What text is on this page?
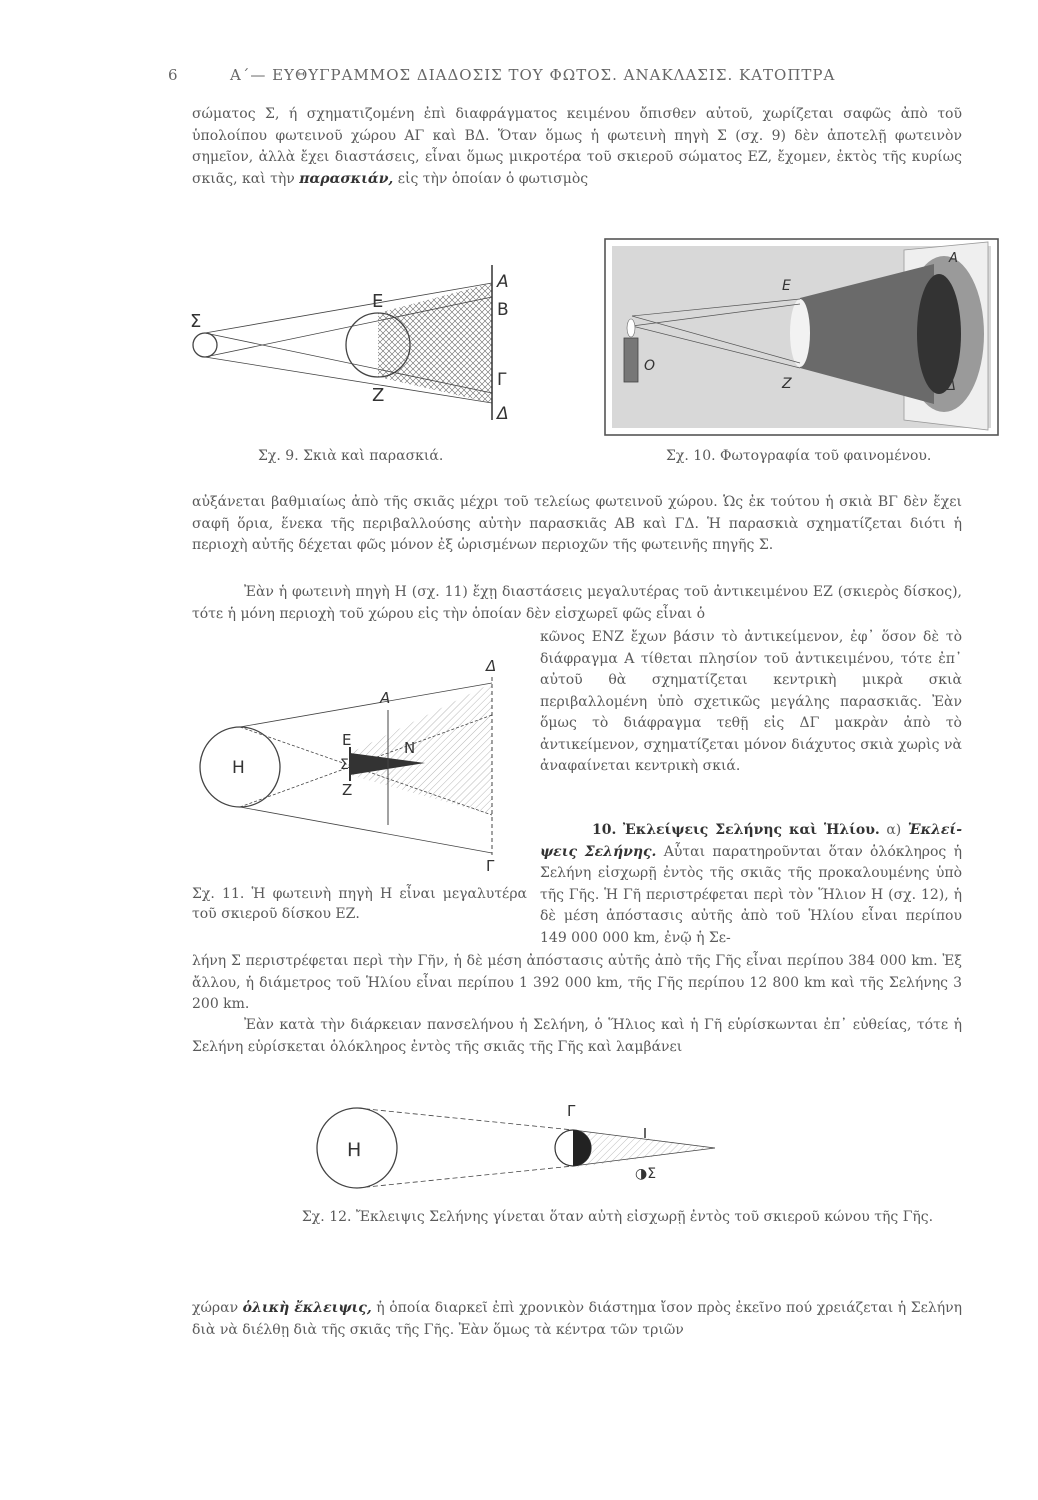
6	Α΄— ΕΥΘΥΓΡΑΜΜΟΣ ΔΙΑΔΟΣΙΣ ΤΟΥ ΦΩΤΟΣ. ΑΝΑΚΛΑΣΙΣ. ΚΑΤΟΠΤΡΑ

σώματος Σ, ή σχηματιζομένη ἐπὶ διαφράγματος κειμένου ὄπισθεν αὐτοῦ, χωρίζεται σαφῶς ἀπὸ τοῦ ὑπολοίπου φωτεινοῦ χώρου ΑΓ καὶ ΒΔ. Ὅταν ὅμως ἡ φωτεινὴ πηγὴ Σ (σχ. 9) δὲν ἀποτελῇ φωτεινὸν σημεῖον, ἀλλὰ ἔχει διαστάσεις, εἶναι ὅμως μικροτέρα τοῦ σκιεροῦ σώματος ΕΖ, ἔχομεν, ἐκτὸς τῆς κυρίως σκιᾶς, καὶ τὴν παρασκιάν, εἰς τὴν ὁποίαν ὁ φωτισμὸς

Σ
Ε
Ζ
Α
Β
Γ
Δ
Σχ. 9. Σκιὰ καὶ παρασκιά.
Ο
Ε
Ζ
Α
Δ
Σχ. 10. Φωτογραφία τοῦ φαινομένου.

αὐξάνεται βαθμιαίως ἀπὸ τῆς σκιᾶς μέχρι τοῦ τελείως φωτεινοῦ χώρου. Ὡς ἐκ τούτου ἡ σκιὰ ΒΓ δὲν ἔχει σαφῆ ὅρια, ἕνεκα τῆς περιβαλλούσης αὐτὴν παρασκιᾶς ΑΒ καὶ ΓΔ. Ἡ παρασκιὰ σχηματίζεται διότι ἡ περιοχὴ αὐτῆς δέχεται φῶς μόνον ἐξ ὡρισμένων περιοχῶν τῆς φωτεινῆς πηγῆς Σ.

Ἐὰν ἡ φωτεινὴ πηγὴ Η (σχ. 11) ἔχῃ διαστάσεις μεγαλυτέρας τοῦ ἀντικειμένου ΕΖ (σκιερὸς δίσκος), τότε ἡ μόνη περιοχὴ τοῦ χώρου εἰς τὴν ὁποίαν δὲν εἰσχωρεῖ φῶς εἶναι ὁ

κῶνος ΕΝΖ ἔχων βάσιν τὸ ἀντικείμενον, ἐφ᾽ ὅσον δὲ τὸ διάφραγμα Α τίθεται πλησίον τοῦ ἀντικειμένου, τότε ἐπ᾽ αὐτοῦ θὰ σχηματίζεται κεντρικὴ μικρὰ σκιὰ περιβαλλομένη ὑπὸ σχετικῶς μεγάλης παρασκιᾶς. Ἐὰν ὅμως τὸ διάφραγμα τεθῇ εἰς ΔΓ μακρὰν ἀπὸ τὸ ἀντικείμενον, σχηματίζεται μόνον διάχυτος σκιὰ χωρὶς νὰ ἀναφαίνεται κεντρικὴ σκιά.

Η
Ε
Σ
Ζ
Ν
Α
Δ
Γ

Σχ. 11. Ἡ φωτεινὴ πηγὴ Η εἶναι μεγαλυτέρα τοῦ σκιεροῦ δίσκου ΕΖ.

10. Ἐκλείψεις Σελήνης καὶ Ἡλίου. α) Ἐκλεί- ψεις Σελήνης. Αὗται παρατηροῦνται ὅταν ὁλόκληρος ἡ Σελήνη εἰσχωρῇ ἐντὸς τῆς σκιᾶς τῆς προκαλουμένης ὑπὸ τῆς Γῆς. Ἡ Γῆ περιστρέφεται περὶ τὸν Ἥλιον Η (σχ. 12), ἡ δὲ μέση ἀπόστασις αὐτῆς ἀπὸ τοῦ Ἡλίου εἶναι περίπου 149 000 000 km, ἐνῷ ἡ Σε-

λήνη Σ περιστρέφεται περὶ τὴν Γῆν, ἡ δὲ μέση ἀπόστασις αὐτῆς ἀπὸ τῆς Γῆς εἶναι περίπου 384 000 km. Ἐξ ἄλλου, ἡ διάμετρος τοῦ Ἡλίου εἶναι περίπου 1 392 000 km, τῆς Γῆς περίπου 12 800 km καὶ τῆς Σελήνης 3 200 km.

Ἐὰν κατὰ τὴν διάρκειαν πανσελήνου ἡ Σελήνη, ὁ Ἥλιος καὶ ἡ Γῆ εὑρίσκωνται ἐπ᾽ εὐθείας, τότε ἡ Σελήνη εὑρίσκεται ὁλόκληρος ἐντὸς τῆς σκιᾶς τῆς Γῆς καὶ λαμβάνει

Η
Γ
◑Σ

Σχ. 12. Ἔκλειψις Σελήνης γίνεται ὅταν αὐτὴ εἰσχωρῇ ἐντὸς τοῦ σκιεροῦ κώνου τῆς Γῆς.

χώραν ὁλικὴ ἔκλειψις, ἡ ὁποία διαρκεῖ ἐπὶ χρονικὸν διάστημα ἴσον πρὸς ἐκεῖνο πού χρειάζεται ἡ Σελήνη διὰ νὰ διέλθῃ διὰ τῆς σκιᾶς τῆς Γῆς. Ἐὰν ὅμως τὰ κέντρα τῶν τριῶν
